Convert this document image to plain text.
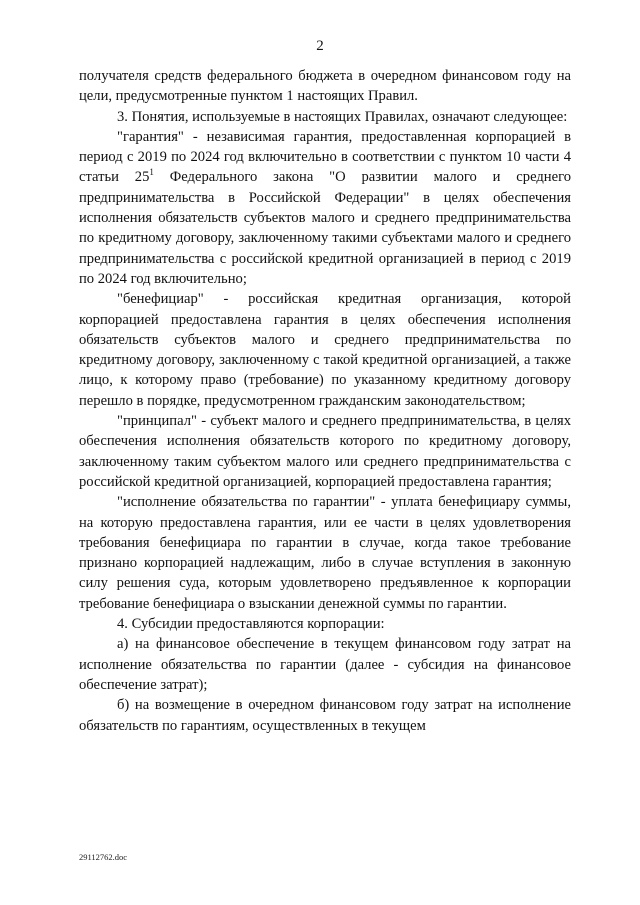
2

получателя средств федерального бюджета в очередном финансовом году на цели, предусмотренные пунктом 1 настоящих Правил.

3. Понятия, используемые в настоящих Правилах, означают следующее:

"гарантия" - независимая гарантия, предоставленная корпорацией в период с 2019 по 2024 год включительно в соответствии с пунктом 10 части 4 статьи $25^1$ Федерального закона "О развитии малого и среднего предпринимательства в Российской Федерации" в целях обеспечения исполнения обязательств субъектов малого и среднего предпринимательства по кредитному договору, заключенному такими субъектами малого и среднего предпринимательства с российской кредитной организацией в период с 2019 по 2024 год включительно;

"бенефициар" - российская кредитная организация, которой корпорацией предоставлена гарантия в целях обеспечения исполнения обязательств субъектов малого и среднего предпринимательства по кредитному договору, заключенному с такой кредитной организацией, а также лицо, к которому право (требование) по указанному кредитному договору перешло в порядке, предусмотренном гражданским законодательством;

"принципал" - субъект малого и среднего предпринимательства, в целях обеспечения исполнения обязательств которого по кредитному договору, заключенному таким субъектом малого или среднего предпринимательства с российской кредитной организацией, корпорацией предоставлена гарантия;

"исполнение обязательства по гарантии" - уплата бенефициару суммы, на которую предоставлена гарантия, или ее части в целях удовлетворения требования бенефициара по гарантии в случае, когда такое требование признано корпорацией надлежащим, либо в случае вступления в законную силу решения суда, которым удовлетворено предъявленное к корпорации требование бенефициара о взыскании денежной суммы по гарантии.

4. Субсидии предоставляются корпорации:

а) на финансовое обеспечение в текущем финансовом году затрат на исполнение обязательства по гарантии (далее - субсидия на финансовое обеспечение затрат);

б) на возмещение в очередном финансовом году затрат на исполнение обязательств по гарантиям, осуществленных в текущем

29112762.doc
